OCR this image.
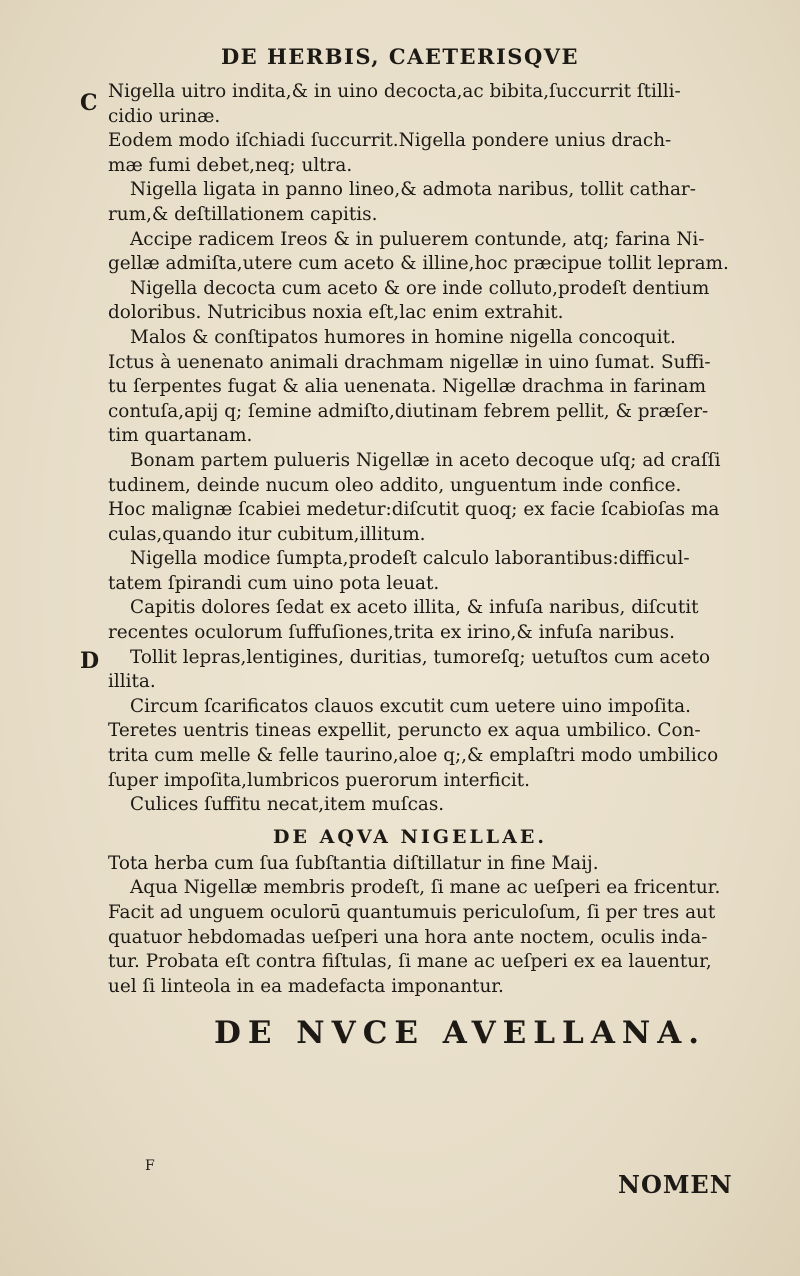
DE HERBIS, CAETERISQVE
C
D
Nigella uitro indita,& in uino decocta,ac bibita,ſuccurrit ſtilli-
cidio urinæ.
Eodem modo iſchiadi ſuccurrit.Nigella pondere unius drach-
mæ fumi debet,neq; ultra.
Nigella ligata in panno lineo,& admota naribus, tollit cathar-
rum,& deſtillationem capitis.
Accipe radicem Ireos & in puluerem contunde, atq; farina Ni-
gellæ admiſta,utere cum aceto & illine,hoc præcipue tollit lepram.
Nigella decocta cum aceto & ore inde colluto,prodeſt dentium
doloribus. Nutricibus noxia eſt,lac enim extrahit.
Malos & conſtipatos humores in homine nigella concoquit.
Ictus à uenenato animali drachmam nigellæ in uino ſumat. Suffi-
tu ſerpentes fugat & alia uenenata. Nigellæ drachma in farinam
contuſa,apij q; ſemine admiſto,diutinam febrem pellit, & præſer-
tim quartanam.
Bonam partem pulueris Nigellæ in aceto decoque uſq; ad craſſi
tudinem, deinde nucum oleo addito, unguentum inde confice.
Hoc malignæ ſcabiei medetur:diſcutit quoq; ex facie ſcabioſas ma
culas,quando itur cubitum,illitum.
Nigella modice ſumpta,prodeſt calculo laborantibus:difficul-
tatem ſpirandi cum uino pota leuat.
Capitis dolores ſedat ex aceto illita, & infuſa naribus, diſcutit
recentes oculorum ſuffuſiones,trita ex irino,& infuſa naribus.
Tollit lepras,lentigines, duritias, tumoreſq; uetuſtos cum aceto
illita.
Circum ſcarificatos clauos excutit cum uetere uino impoſita.
Teretes uentris tineas expellit, peruncto ex aqua umbilico. Con-
trita cum melle & felle taurino,aloe q;,& emplaſtri modo umbilico
ſuper impoſita,lumbricos puerorum interficit.
Culices ſuffitu necat,item muſcas.
DE AQVA NIGELLAE.
Tota herba cum ſua ſubſtantia diſtillatur in fine Maij.
Aqua Nigellæ membris prodeſt, ſi mane ac ueſperi ea fricentur.
Facit ad unguem oculorū quantumuis periculoſum, ſi per tres aut
quatuor hebdomadas ueſperi una hora ante noctem, oculis inda-
tur. Probata eſt contra fiſtulas, ſi mane ac ueſperi ex ea lauentur,
uel ſi linteola in ea madefacta imponantur.
DE NVCE AVELLANA.
F
NOMEN
